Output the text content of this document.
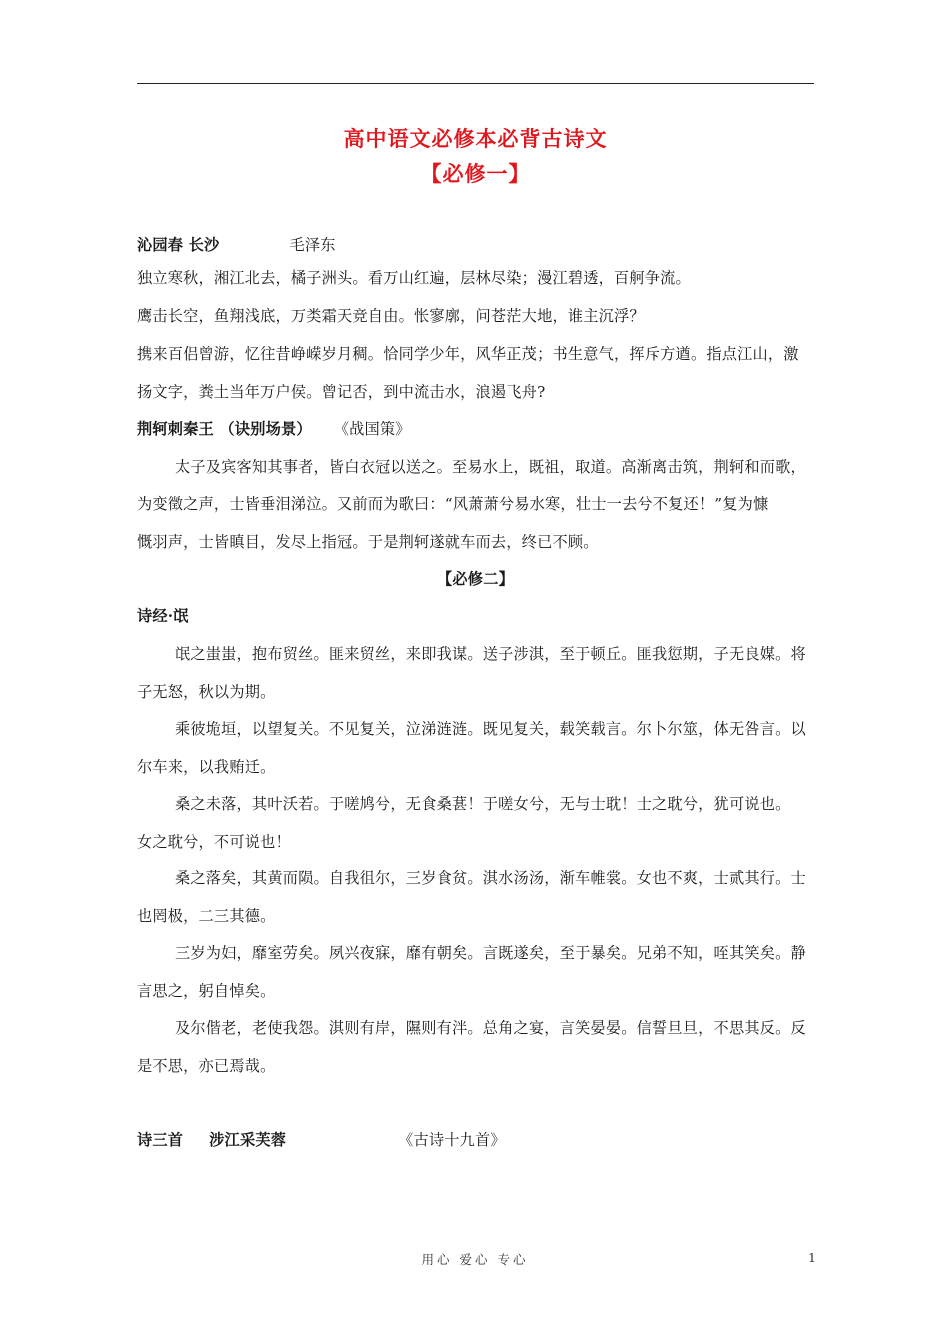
高中语文必修本必背古诗文
【必修一】
沁园春 长沙	毛泽东
独立寒秋，湘江北去，橘子洲头。看万山红遍，层林尽染；漫江碧透，百舸争流。
鹰击长空，鱼翔浅底，万类霜天竞自由。怅寥廓，问苍茫大地，谁主沉浮？
携来百侣曾游，忆往昔峥嵘岁月稠。恰同学少年，风华正茂；书生意气，挥斥方遒。指点江山，激
扬文字，粪土当年万户侯。曾记否，到中流击水，浪遏飞舟?
荆轲刺秦王 （诀别场景） 《战国策》
太子及宾客知其事者，皆白衣冠以送之。至易水上，既祖，取道。高渐离击筑，荆轲和而歌，
为变徵之声，士皆垂泪涕泣。又前而为歌曰：“风萧萧兮易水寒，壮士一去兮不复还！”复为慷
慨羽声，士皆瞋目，发尽上指冠。于是荆轲遂就车而去，终已不顾。
【必修二】
诗经·氓
氓之蚩蚩，抱布贸丝。匪来贸丝，来即我谋。送子涉淇，至于顿丘。匪我愆期，子无良媒。将
子无怒，秋以为期。
乘彼垝垣，以望复关。不见复关，泣涕涟涟。既见复关，载笑载言。尔卜尔筮，体无咎言。以
尔车来，以我贿迁。
桑之未落，其叶沃若。于嗟鸠兮，无食桑葚！于嗟女兮，无与士耽！士之耽兮，犹可说也。
女之耽兮，不可说也！
桑之落矣，其黄而陨。自我徂尔，三岁食贫。淇水汤汤，渐车帷裳。女也不爽，士贰其行。士
也罔极，二三其德。
三岁为妇，靡室劳矣。夙兴夜寐，靡有朝矣。言既遂矣，至于暴矣。兄弟不知，咥其笑矣。静
言思之，躬自悼矣。
及尔偕老，老使我怨。淇则有岸，隰则有泮。总角之宴，言笑晏晏。信誓旦旦，不思其反。反
是不思，亦已焉哉。
诗三首 涉江采芙蓉	《古诗十九首》
用心 爱心 专心	1
